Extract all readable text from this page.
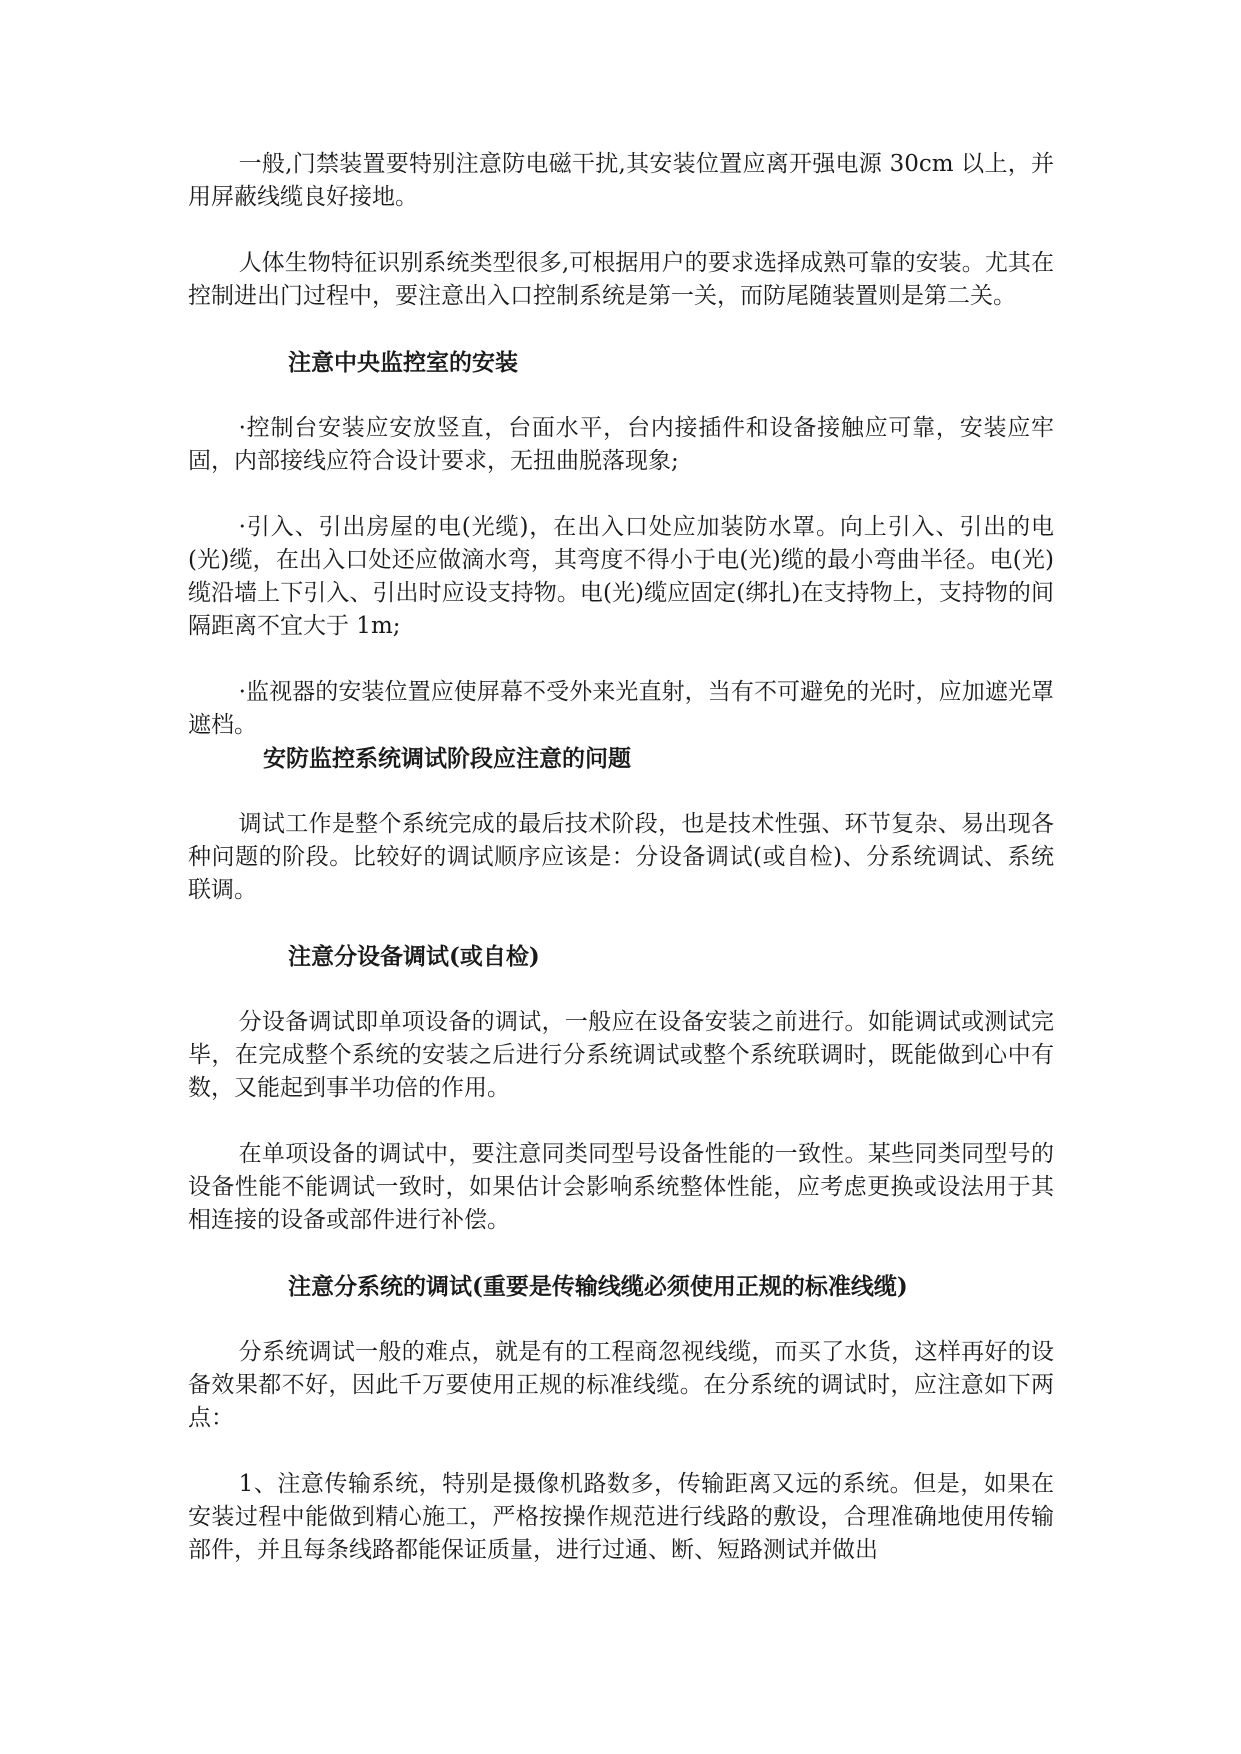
一般,门禁装置要特别注意防电磁干扰,其安装位置应离开强电源 30cm 以上，并用屏蔽线缆良好接地。

人体生物特征识别系统类型很多,可根据用户的要求选择成熟可靠的安装。尤其在控制进出门过程中，要注意出入口控制系统是第一关，而防尾随装置则是第二关。

注意中央监控室的安装

·控制台安装应安放竖直，台面水平，台内接插件和设备接触应可靠，安装应牢固，内部接线应符合设计要求，无扭曲脱落现象;

·引入、引出房屋的电(光缆)，在出入口处应加装防水罩。向上引入、引出的电(光)缆，在出入口处还应做滴水弯，其弯度不得小于电(光)缆的最小弯曲半径。电(光)缆沿墙上下引入、引出时应设支持物。电(光)缆应固定(绑扎)在支持物上，支持物的间隔距离不宜大于 1m;

·监视器的安装位置应使屏幕不受外来光直射，当有不可避免的光时，应加遮光罩遮档。

安防监控系统调试阶段应注意的问题

调试工作是整个系统完成的最后技术阶段，也是技术性强、环节复杂、易出现各种问题的阶段。比较好的调试顺序应该是：分设备调试(或自检)、分系统调试、系统联调。

注意分设备调试(或自检)

分设备调试即单项设备的调试，一般应在设备安装之前进行。如能调试或测试完毕，在完成整个系统的安装之后进行分系统调试或整个系统联调时，既能做到心中有数，又能起到事半功倍的作用。

在单项设备的调试中，要注意同类同型号设备性能的一致性。某些同类同型号的设备性能不能调试一致时，如果估计会影响系统整体性能，应考虑更换或设法用于其相连接的设备或部件进行补偿。

注意分系统的调试(重要是传输线缆必须使用正规的标准线缆)

分系统调试一般的难点，就是有的工程商忽视线缆，而买了水货，这样再好的设备效果都不好，因此千万要使用正规的标准线缆。在分系统的调试时，应注意如下两点：

1、注意传输系统，特别是摄像机路数多，传输距离又远的系统。但是，如果在安装过程中能做到精心施工，严格按操作规范进行线路的敷设，合理准确地使用传输部件，并且每条线路都能保证质量，进行过通、断、短路测试并做出
